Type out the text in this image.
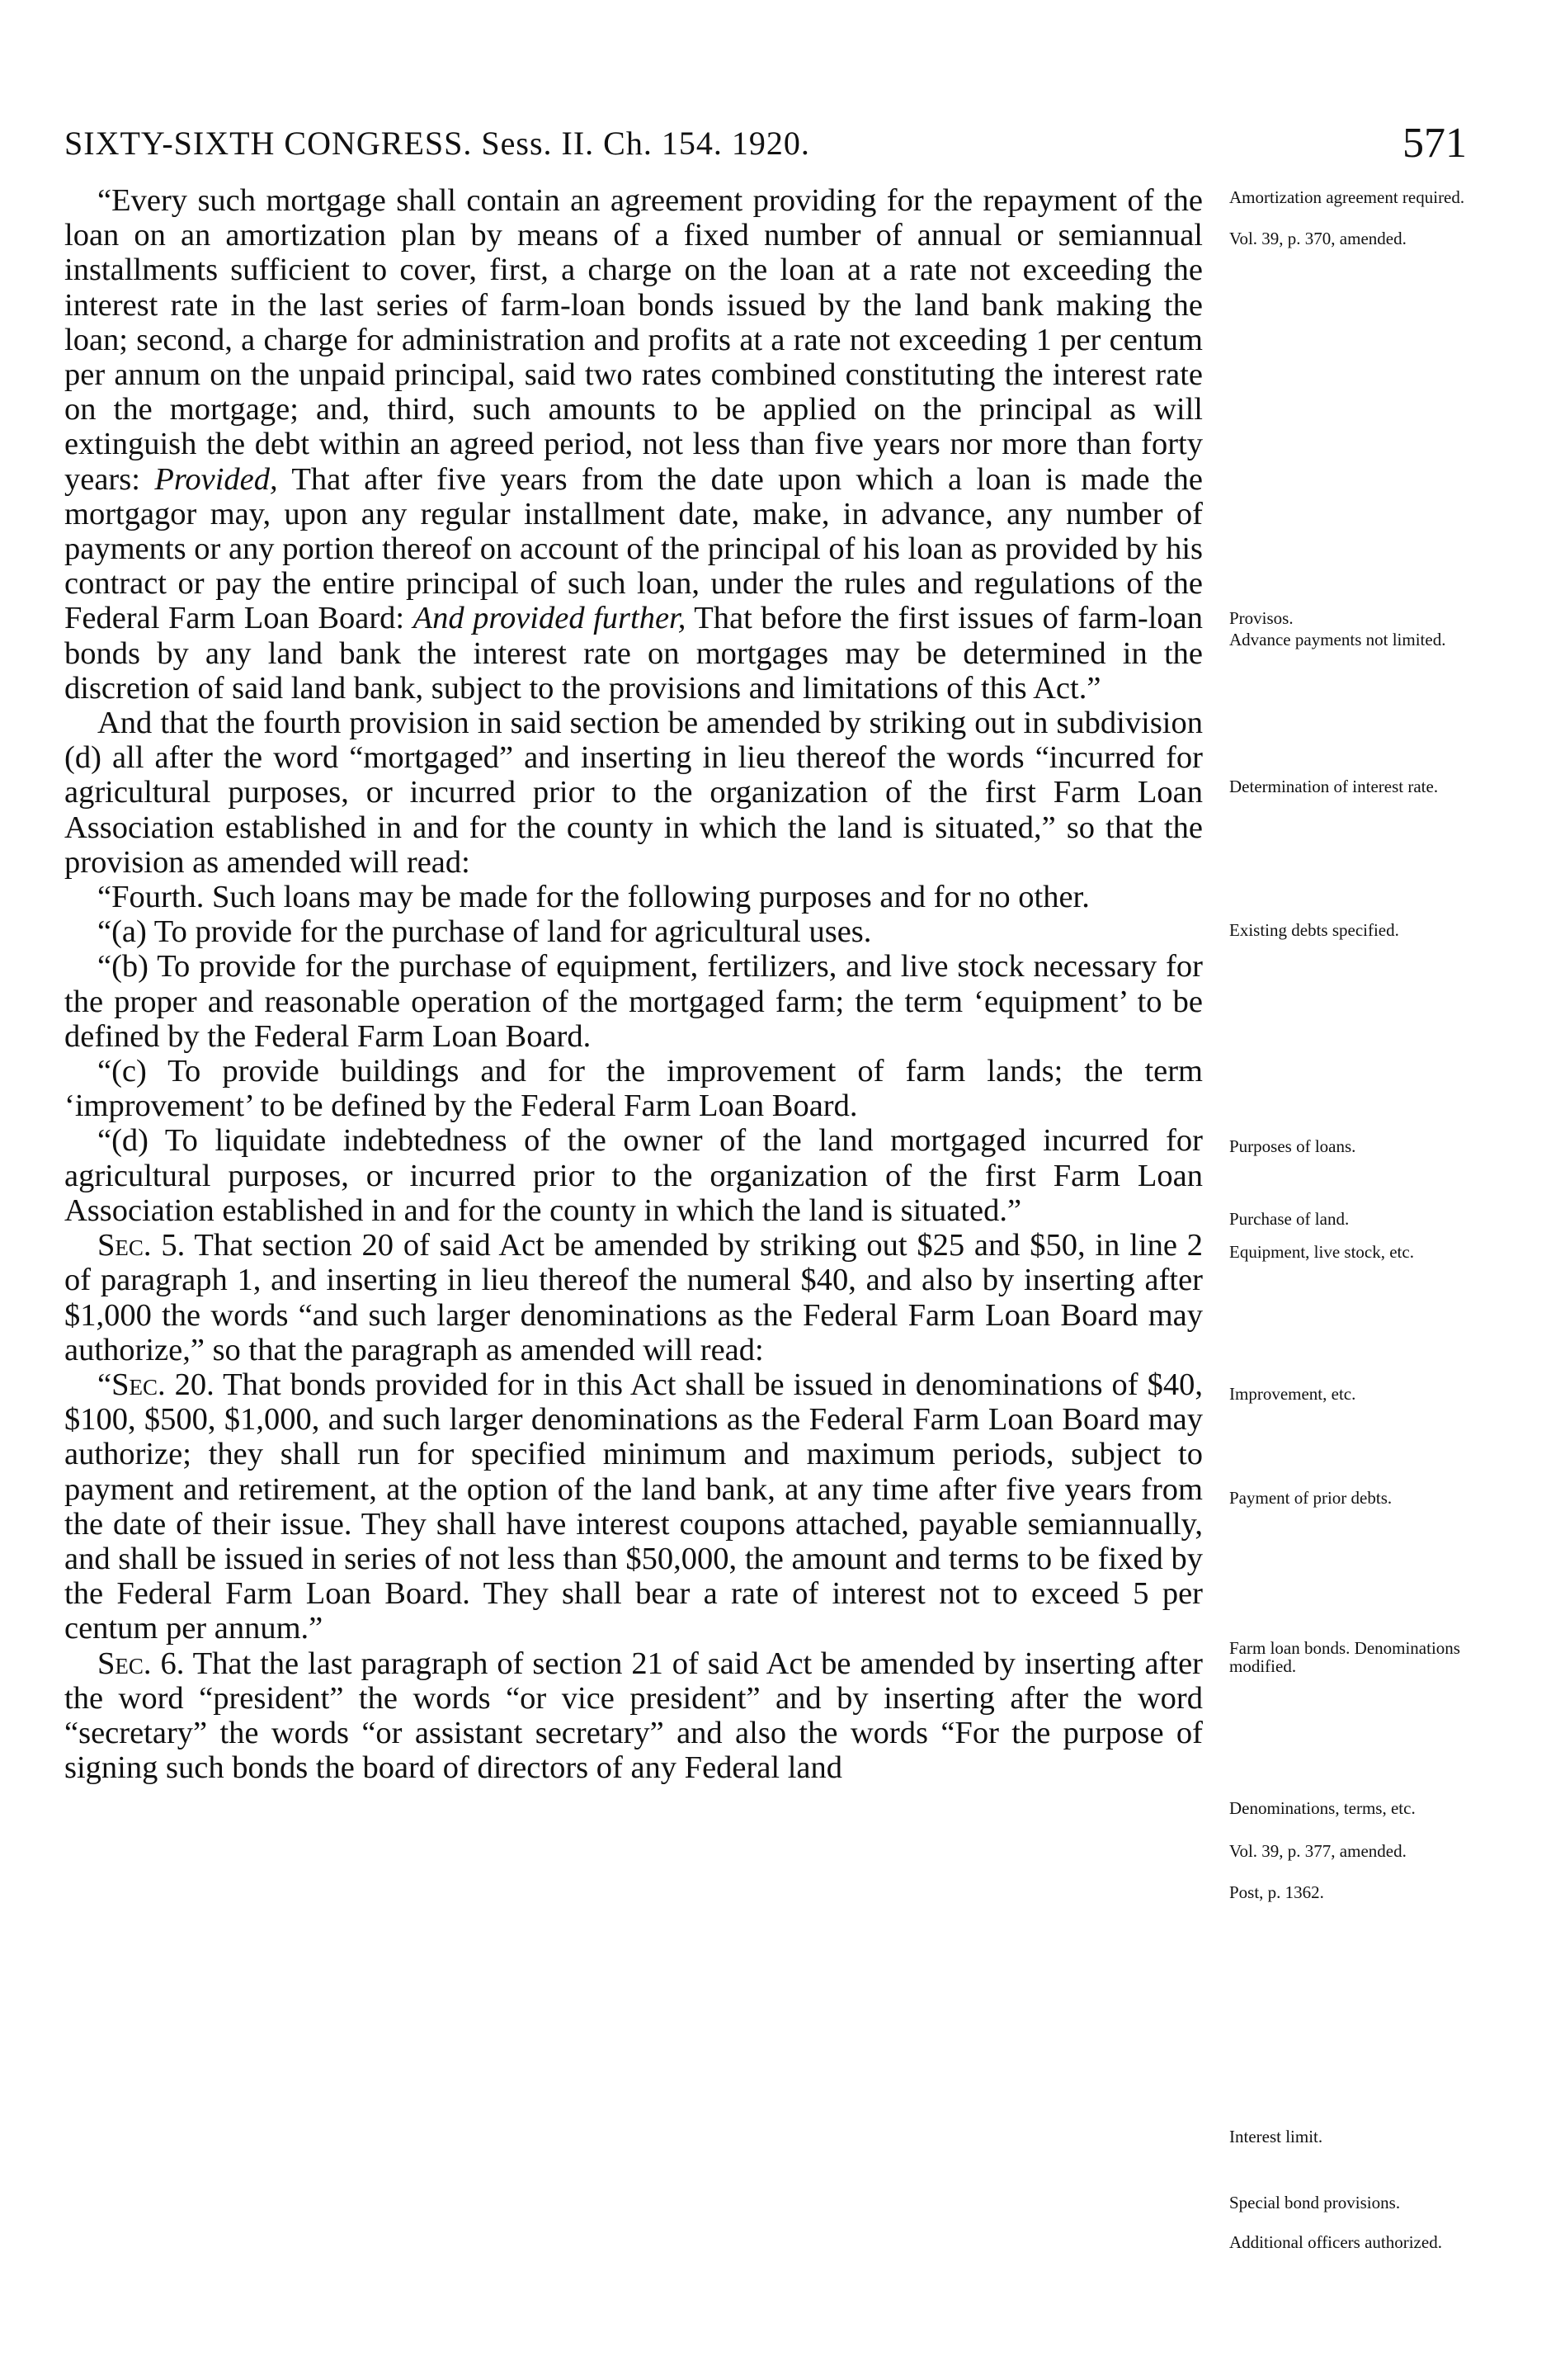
SIXTY-SIXTH CONGRESS. Sess. II. Ch. 154. 1920.	571

“Every such mortgage shall contain an agreement providing for the repayment of the loan on an amortization plan by means of a fixed number of annual or semiannual installments sufficient to cover, first, a charge on the loan at a rate not exceeding the interest rate in the last series of farm-loan bonds issued by the land bank making the loan; second, a charge for administration and profits at a rate not exceeding 1 per centum per annum on the unpaid principal, said two rates combined constituting the interest rate on the mortgage; and, third, such amounts to be applied on the principal as will extinguish the debt within an agreed period, not less than five years nor more than forty years: Provided, That after five years from the date upon which a loan is made the mortgagor may, upon any regular installment date, make, in advance, any number of payments or any portion thereof on account of the principal of his loan as provided by his contract or pay the entire principal of such loan, under the rules and regulations of the Federal Farm Loan Board: And provided further, That before the first issues of farm-loan bonds by any land bank the interest rate on mortgages may be determined in the discretion of said land bank, subject to the provisions and limitations of this Act.”

And that the fourth provision in said section be amended by striking out in subdivision (d) all after the word “mortgaged” and inserting in lieu thereof the words “incurred for agricultural purposes, or incurred prior to the organization of the first Farm Loan Association established in and for the county in which the land is situated,” so that the provision as amended will read:

“Fourth. Such loans may be made for the following purposes and for no other.

“(a) To provide for the purchase of land for agricultural uses.

“(b) To provide for the purchase of equipment, fertilizers, and live stock necessary for the proper and reasonable operation of the mortgaged farm; the term ‘equipment’ to be defined by the Federal Farm Loan Board.

“(c) To provide buildings and for the improvement of farm lands; the term ‘improvement’ to be defined by the Federal Farm Loan Board.

“(d) To liquidate indebtedness of the owner of the land mortgaged incurred for agricultural purposes, or incurred prior to the organization of the first Farm Loan Association established in and for the county in which the land is situated.”

Sec. 5. That section 20 of said Act be amended by striking out $25 and $50, in line 2 of paragraph 1, and inserting in lieu thereof the numeral $40, and also by inserting after $1,000 the words “and such larger denominations as the Federal Farm Loan Board may authorize,” so that the paragraph as amended will read:

“Sec. 20. That bonds provided for in this Act shall be issued in denominations of $40, $100, $500, $1,000, and such larger denominations as the Federal Farm Loan Board may authorize; they shall run for specified minimum and maximum periods, subject to payment and retirement, at the option of the land bank, at any time after five years from the date of their issue. They shall have interest coupons attached, payable semiannually, and shall be issued in series of not less than $50,000, the amount and terms to be fixed by the Federal Farm Loan Board. They shall bear a rate of interest not to exceed 5 per centum per annum.”

Sec. 6. That the last paragraph of section 21 of said Act be amended by inserting after the word “president” the words “or vice president” and by inserting after the word “secretary” the words “or assistant secretary” and also the words “For the purpose of signing such bonds the board of directors of any Federal land

Amortization agreement required.
Vol. 39, p. 370, amended.
Provisos.
Advance payments not limited.
Determination of interest rate.
Existing debts specified.
Purposes of loans.
Purchase of land.
Equipment, live stock, etc.
Improvement, etc.
Payment of prior debts.
Farm loan bonds. Denominations modified.
Denominations, terms, etc.
Vol. 39, p. 377, amended.
Post, p. 1362.
Interest limit.
Special bond provisions.
Additional officers authorized.
